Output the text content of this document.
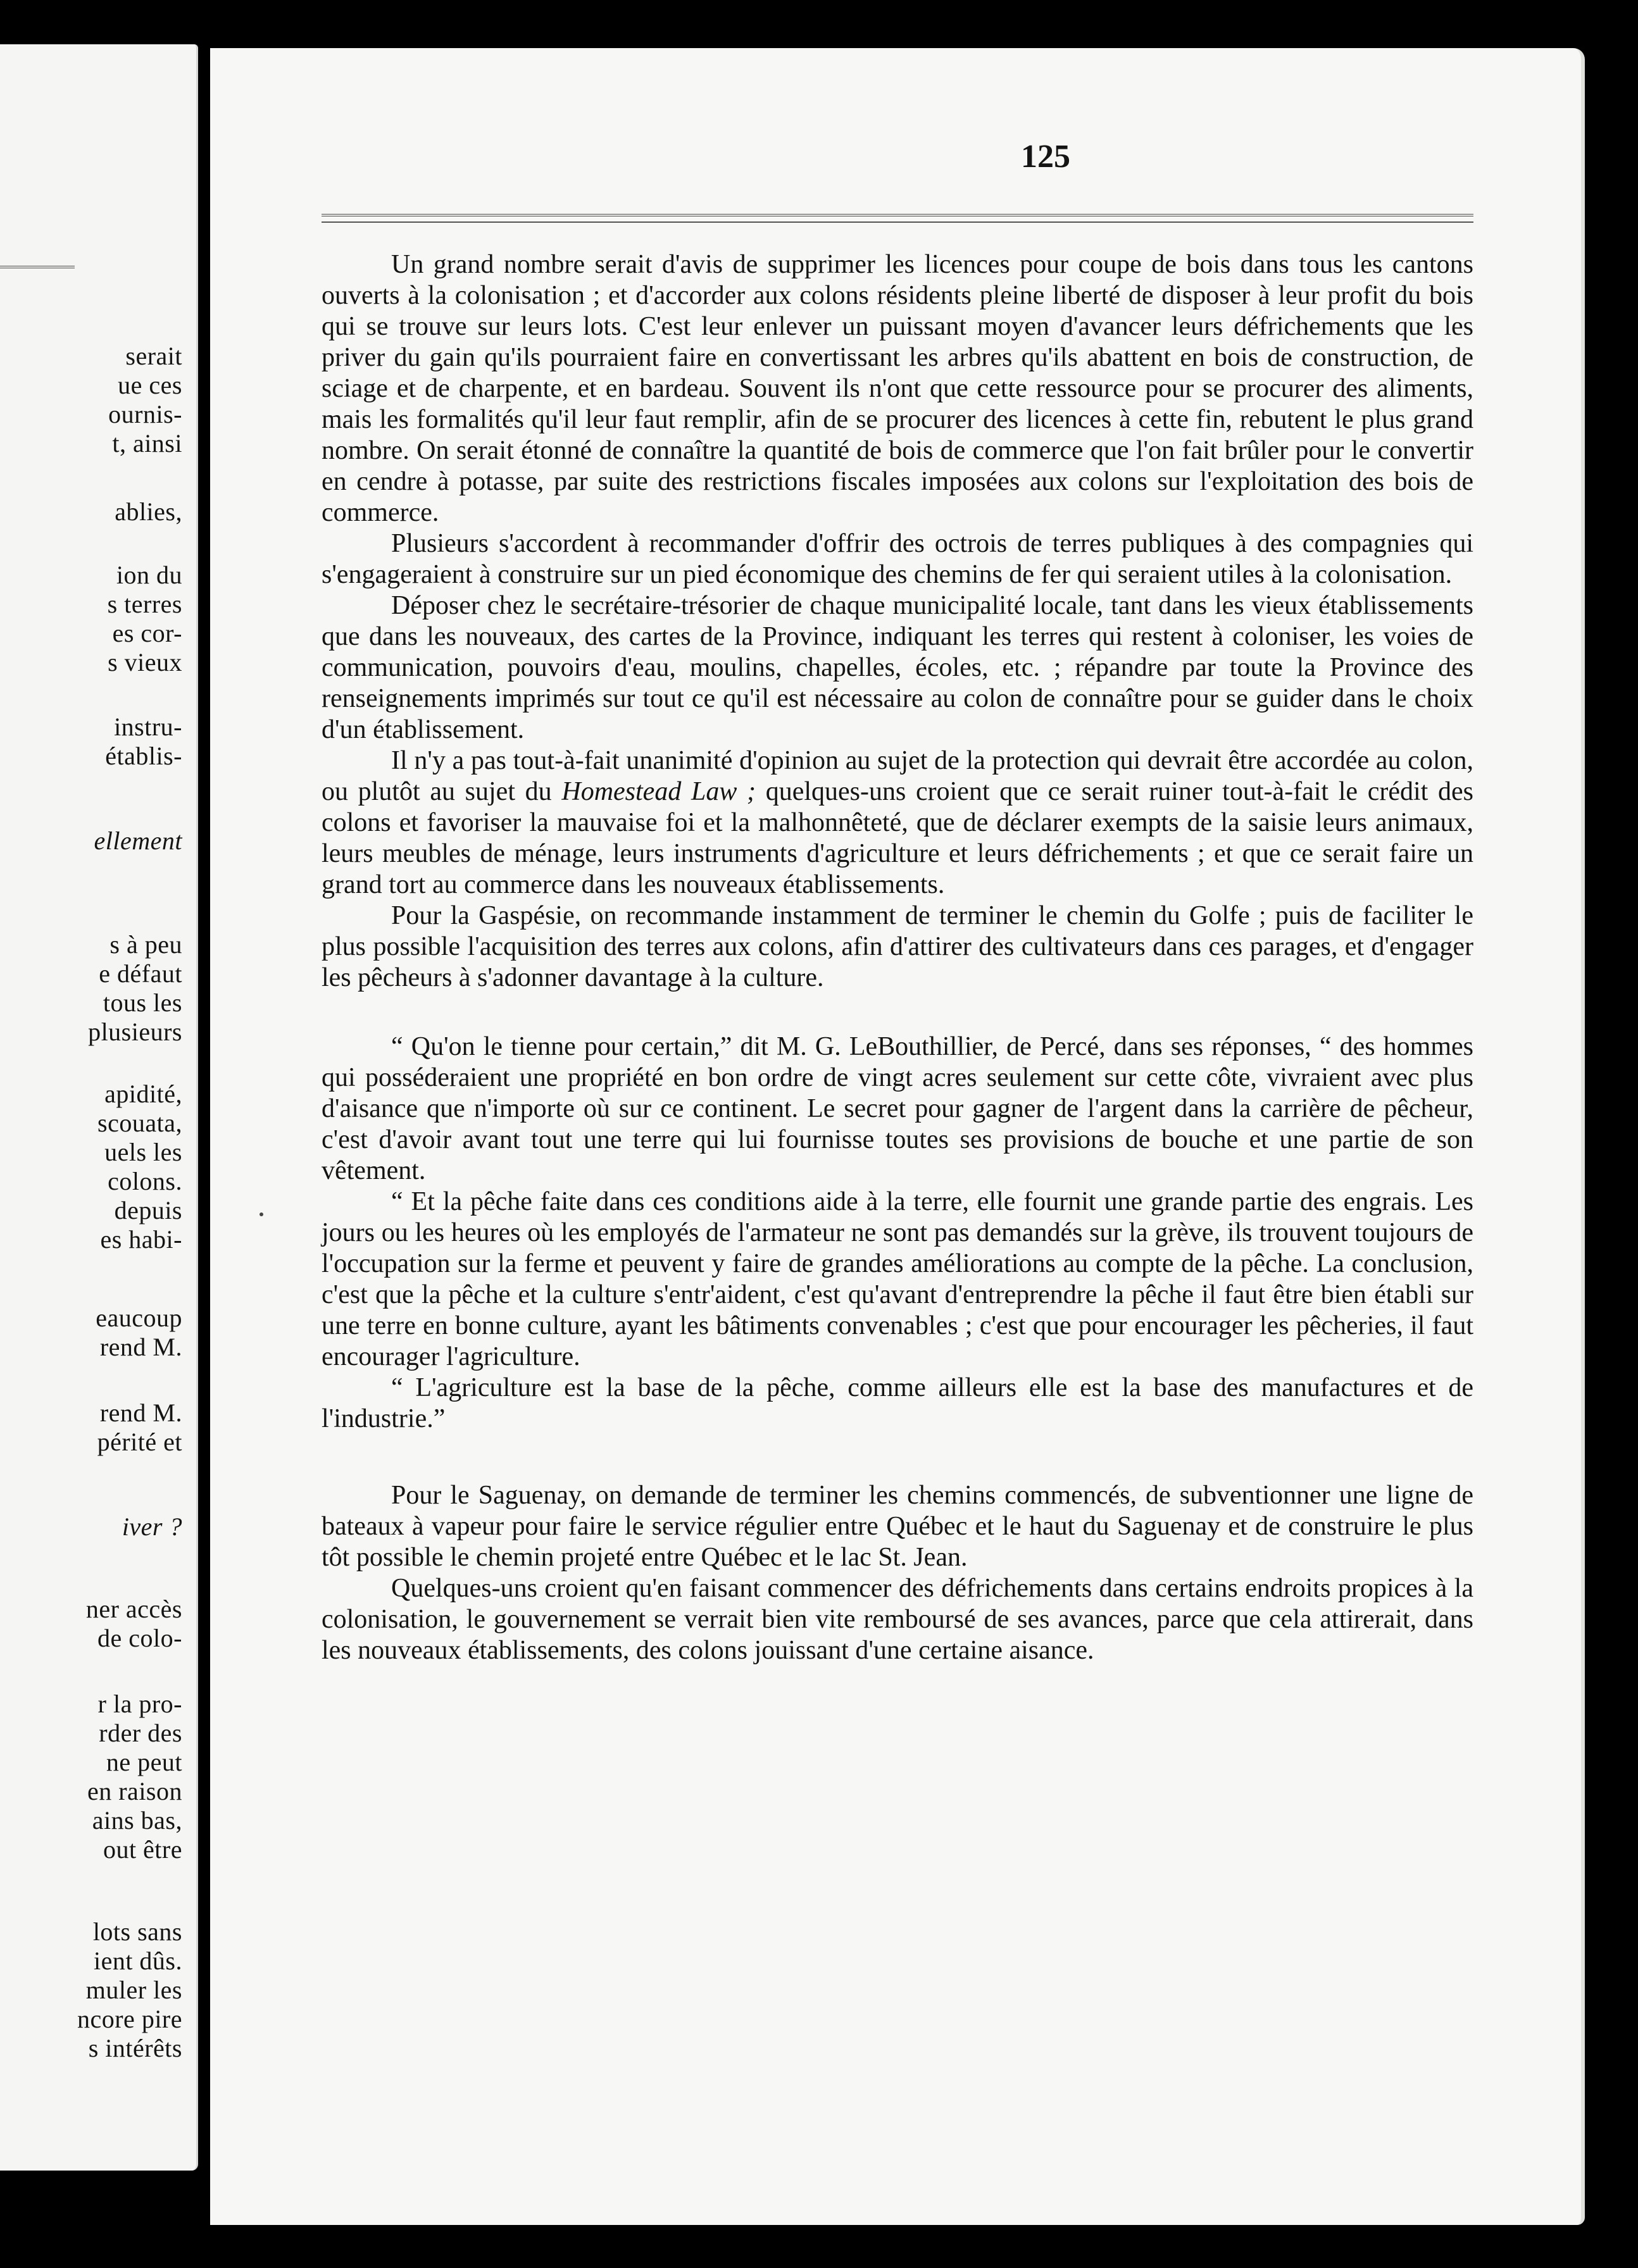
serait
ue ces
ournis-
t, ainsi
ablies,
ion du
s terres
es cor-
s vieux
instru-
établis-
ellement
s à peu
e défaut
tous les
plusieurs
apidité,
scouata,
uels les
colons.
depuis
es habi-
eaucoup
rend M.
rend M.
périté et
iver ?
ner accès
de colo-
r la pro-
rder des
ne peut
en raison
ains bas,
out être
lots sans
ient dûs.
muler les
ncore pire
s intérêts
125

Un grand nombre serait d'avis de supprimer les licences pour coupe de bois dans tous les cantons ouverts à la colonisation ; et d'accorder aux colons résidents pleine liberté de disposer à leur profit du bois qui se trouve sur leurs lots. C'est leur enlever un puissant moyen d'avancer leurs défrichements que les priver du gain qu'ils pourraient faire en convertissant les arbres qu'ils abattent en bois de construction, de sciage et de charpente, et en bardeau. Souvent ils n'ont que cette ressource pour se procurer des aliments, mais les formalités qu'il leur faut remplir, afin de se procurer des licences à cette fin, rebutent le plus grand nombre. On serait étonné de connaître la quantité de bois de commerce que l'on fait brûler pour le convertir en cendre à potasse, par suite des restrictions fiscales imposées aux colons sur l'exploitation des bois de commerce.

Plusieurs s'accordent à recommander d'offrir des octrois de terres publiques à des compagnies qui s'engageraient à construire sur un pied économique des chemins de fer qui seraient utiles à la colonisation.

Déposer chez le secrétaire-trésorier de chaque municipalité locale, tant dans les vieux établissements que dans les nouveaux, des cartes de la Province, indiquant les terres qui restent à coloniser, les voies de communication, pouvoirs d'eau, moulins, chapelles, écoles, etc. ; répandre par toute la Province des renseignements imprimés sur tout ce qu'il est nécessaire au colon de connaître pour se guider dans le choix d'un établissement.

Il n'y a pas tout-à-fait unanimité d'opinion au sujet de la protection qui devrait être accordée au colon, ou plutôt au sujet du Homestead Law ; quelques-uns croient que ce serait ruiner tout-à-fait le crédit des colons et favoriser la mauvaise foi et la malhonnêteté, que de déclarer exempts de la saisie leurs animaux, leurs meubles de ménage, leurs instruments d'agriculture et leurs défrichements ; et que ce serait faire un grand tort au commerce dans les nouveaux établissements.

Pour la Gaspésie, on recommande instamment de terminer le chemin du Golfe ; puis de faciliter le plus possible l'acquisition des terres aux colons, afin d'attirer des cultivateurs dans ces parages, et d'engager les pêcheurs à s'adonner davantage à la culture.

“ Qu'on le tienne pour certain,” dit M. G. LeBouthillier, de Percé, dans ses réponses, “ des hommes qui posséderaient une propriété en bon ordre de vingt acres seulement sur cette côte, vivraient avec plus d'aisance que n'importe où sur ce continent. Le secret pour gagner de l'argent dans la carrière de pêcheur, c'est d'avoir avant tout une terre qui lui fournisse toutes ses provisions de bouche et une partie de son vêtement.

“ Et la pêche faite dans ces conditions aide à la terre, elle fournit une grande partie des engrais. Les jours ou les heures où les employés de l'armateur ne sont pas demandés sur la grève, ils trouvent toujours de l'occupation sur la ferme et peuvent y faire de grandes améliorations au compte de la pêche. La conclusion, c'est que la pêche et la culture s'entr'aident, c'est qu'avant d'entreprendre la pêche il faut être bien établi sur une terre en bonne culture, ayant les bâtiments convenables ; c'est que pour encourager les pêcheries, il faut encourager l'agriculture.

“ L'agriculture est la base de la pêche, comme ailleurs elle est la base des manufactures et de l'industrie.”

Pour le Saguenay, on demande de terminer les chemins commencés, de subventionner une ligne de bateaux à vapeur pour faire le service régulier entre Québec et le haut du Saguenay et de construire le plus tôt possible le chemin projeté entre Québec et le lac St. Jean.

Quelques-uns croient qu'en faisant commencer des défrichements dans certains endroits propices à la colonisation, le gouvernement se verrait bien vite remboursé de ses avances, parce que cela attirerait, dans les nouveaux établissements, des colons jouissant d'une certaine aisance.
